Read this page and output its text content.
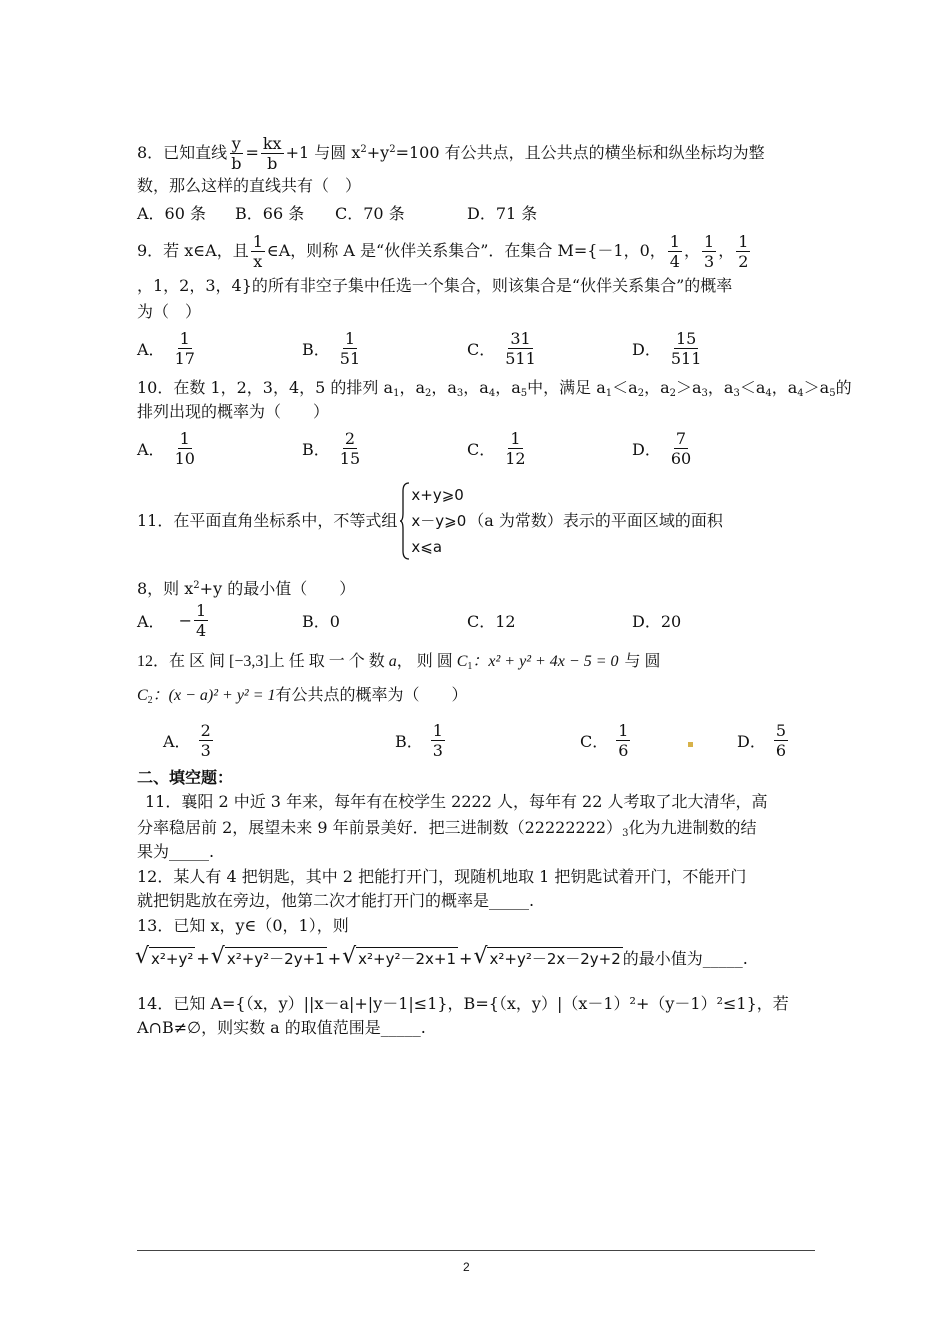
8．已知直线 $\frac{y}{b} = \frac{kx}{b} +1$ 与圆 $x^2+y^2=100$ 有公共点，且公共点的横坐标和纵坐标均为整
数，那么这样的直线共有（　）
A．60 条 B．66 条 C．70 条	D．71 条
9．若 x∈A，且 $\frac{1}{x}$ ∈A，则称 A 是“伙伴关系集合”．在集合 M={－1，0， $\frac{1}{4}$ ， $\frac{1}{3}$ ， $\frac{1}{2}$
，1，2，3，4}的所有非空子集中任选一个集合，则该集合是“伙伴关系集合”的概率
为（　）
A． $\frac{1}{17}$	B． $\frac{1}{51}$	C． $\frac{31}{511}$	D． $\frac{15}{511}$
10．在数 1，2，3，4，5 的排列 $a_1$，$a_2$，$a_3$，$a_4$，$a_5$中，满足 $a_1<a_2$，$a_2>a_3$，$a_3<a_4$，$a_4>a_5$的
排列出现的概率为（　　）
A． $\frac{1}{10}$	B． $\frac{2}{15}$	C． $\frac{1}{12}$	D． $\frac{7}{60}$
11．在平面直角坐标系中，不等式组
x+y⩾0
x－y⩾0
x⩽a
（a 为常数）表示的平面区域的面积
8，则 $x^2+y$ 的最小值（　　）
A． − $\frac{1}{4}$	B．0	C．12	D．20
12．在 区 间 [−3,3]上 任 取 一 个 数 a， 则 圆 $C_1$：x² + y² + 4x − 5 = 0 与 圆
$C_2$：(x − a)² + y² = 1有公共点的概率为（　　）
A． $\frac{2}{3}$	B． $\frac{1}{3}$	C． $\frac{1}{6}$	D． $\frac{5}{6}$
二、填空题：
11．襄阳 2 中近 3 年来，每年有在校学生 2222 人，每年有 22 人考取了北大清华，高
分率稳居前 2，展望未来 9 年前景美好．把三进制数$(22222222)_3$化为九进制数的结
果为_____.
12．某人有 4 把钥匙，其中 2 把能打开门，现随机地取 1 把钥匙试着开门，不能开门
就把钥匙放在旁边，他第二次才能打开门的概率是_____.
13．已知 x，y∈（0，1），则
√ x²+y² + √ x²+y²－2y+1 + √ x²+y²－2x+1 + √ x²+y²－2x－2y+2 的最小值为_____.
14．已知 A={（x，y）||x－a|+|y－1|≤1}，B={（x，y）|（x－1）²+（y－1）²≤1}，若
A∩B≠∅，则实数 a 的取值范围是_____.
2
